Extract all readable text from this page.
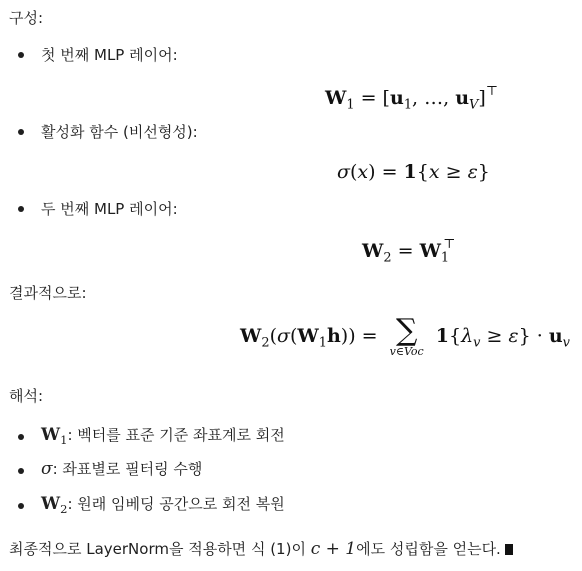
구성:
첫 번째 MLP 레이어:
$W_1 = [u_1$, …, $u_V]^⊤$
활성화 함수 (비선형성):
σ(x) = 1{x ≥ ε}
두 번째 MLP 레이어:
$W_2 = W_1^⊤$
결과적으로:
$W_2(\sigma(W_1h))$ = ∑
v∈Voc
$1\{\lambda_v \ge \varepsilon\} \cdot u_v$
해석:
$W_1$: 벡터를 표준 기준 좌표계로 회전
σ: 좌표별로 필터링 수행
$W_2$: 원래 임베딩 공간으로 회전 복원
최종적으로 LayerNorm을 적용하면 식 (1)이 c + 1에도 성립함을 얻는다.
